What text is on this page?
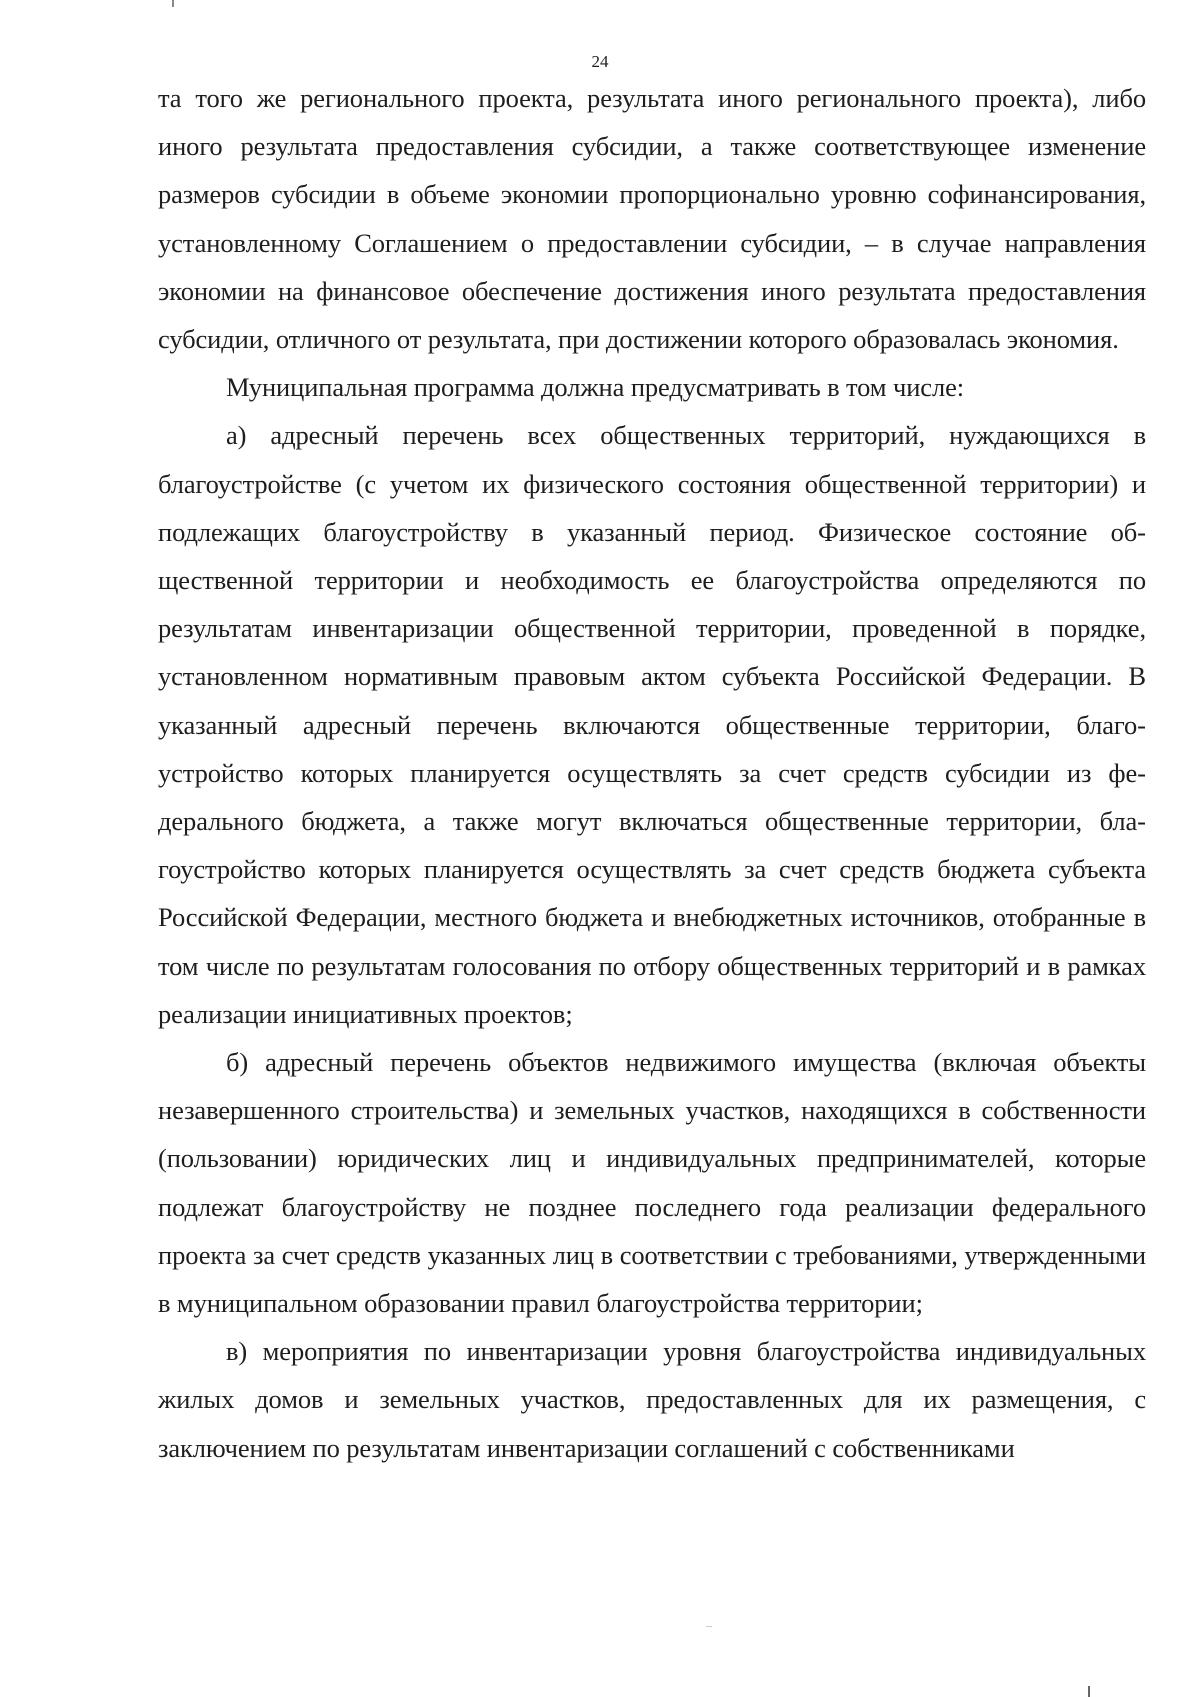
24

та того же регионального проекта, результата иного регионального проекта), либо иного результата предоставления субсидии, а также соответствующее изменение размеров субсидии в объеме экономии пропорционально уровню софинансирования, установленному Соглашением о предоставлении субсидии, – в случае направления экономии на финансовое обеспечение достижения иного результата предоставления субсидии, отличного от результата, при достижении которого образовалась экономия.

Муниципальная программа должна предусматривать в том числе:

а) адресный перечень всех общественных территорий, нуждающихся в благоустройстве (с учетом их физического состояния общественной территории) и подлежащих благоустройству в указанный период. Физическое состояние общественной территории и необходимость ее благоустройства определяются по результатам инвентаризации общественной территории, проведенной в порядке, установленном нормативным правовым актом субъекта Российской Федерации. В указанный адресный перечень включаются общественные территории, благоустройство которых планируется осуществлять за счет средств субсидии из федерального бюджета, а также могут включаться общественные территории, благоустройство которых планируется осуществлять за счет средств бюджета субъекта Российской Федерации, местного бюджета и внебюджетных источников, отобранные в том числе по результатам голосования по отбору общественных территорий и в рамках реализации инициативных проектов;

б) адресный перечень объектов недвижимого имущества (включая объекты незавершенного строительства) и земельных участков, находящихся в собственности (пользовании) юридических лиц и индивидуальных предпринимателей, которые подлежат благоустройству не позднее последнего года реализации федерального проекта за счет средств указанных лиц в соответствии с требованиями, утвержденными в муниципальном образовании правил благоустройства территории;

в) мероприятия по инвентаризации уровня благоустройства индивидуальных жилых домов и земельных участков, предоставленных для их размещения, с заключением по результатам инвентаризации соглашений с собственниками
